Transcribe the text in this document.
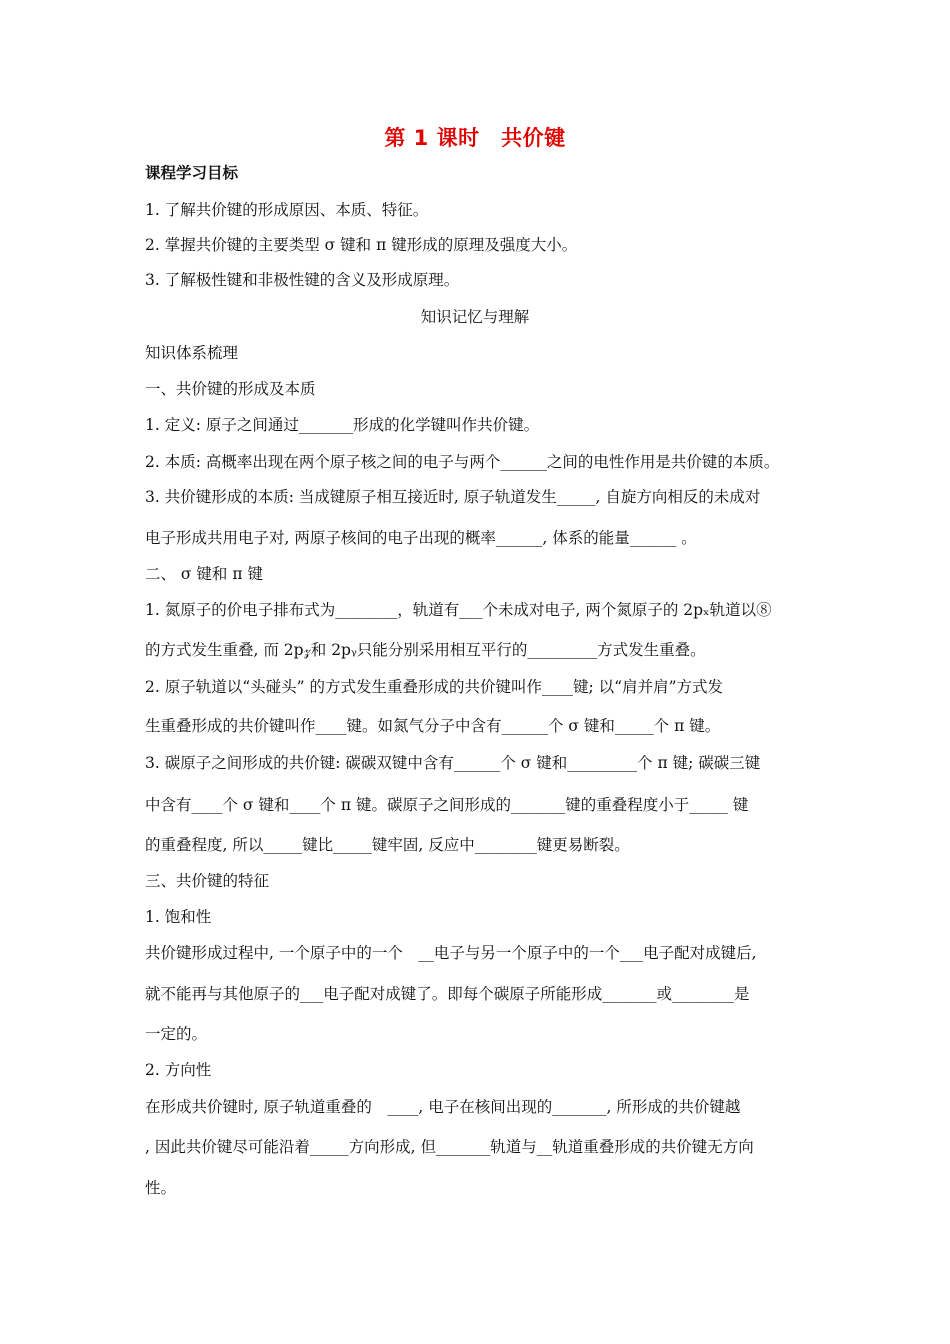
第 1 课时　共价键
课程学习目标
1. 了解共价键的形成原因、本质、特征。
2. 掌握共价键的主要类型 σ 键和 π 键形成的原理及强度大小。
3. 了解极性键和非极性键的含义及形成原理。
知识记忆与理解
知识体系梳理
一、共价键的形成及本质
1. 定义: 原子之间通过_______形成的化学键叫作共价键。
2. 本质: 高概率出现在两个原子核之间的电子与两个______之间的电性作用是共价键的本质。
3. 共价键形成的本质: 当成键原子相互接近时, 原子轨道发生_____, 自旋方向相反的未成对
电子形成共用电子对, 两原子核间的电子出现的概率______, 体系的能量______ 。
二、 σ 键和 π 键
1. 氮原子的价电子排布式为________，轨道有___个未成对电子, 两个氮原子的 2pₓ轨道以⑧
的方式发生重叠, 而 2p𝓏和 2pᵧ只能分别采用相互平行的_________方式发生重叠。
2. 原子轨道以“头碰头” 的方式发生重叠形成的共价键叫作____键; 以“肩并肩”方式发
生重叠形成的共价键叫作____键。如氮气分子中含有______个 σ 键和_____个 π 键。
3. 碳原子之间形成的共价键: 碳碳双键中含有______个 σ 键和_________个 π 键; 碳碳三键
中含有____个 σ 键和____个 π 键。碳原子之间形成的_______键的重叠程度小于_____ 键
的重叠程度, 所以_____键比_____键牢固, 反应中________键更易断裂。
三、共价键的特征
1. 饱和性
共价键形成过程中, 一个原子中的一个　__电子与另一个原子中的一个___电子配对成键后,
就不能再与其他原子的___电子配对成键了。即每个碳原子所能形成_______或________是
一定的。
2. 方向性
在形成共价键时, 原子轨道重叠的　____, 电子在核间出现的_______, 所形成的共价键越
, 因此共价键尽可能沿着_____方向形成, 但_______轨道与__轨道重叠形成的共价键无方向
性。
